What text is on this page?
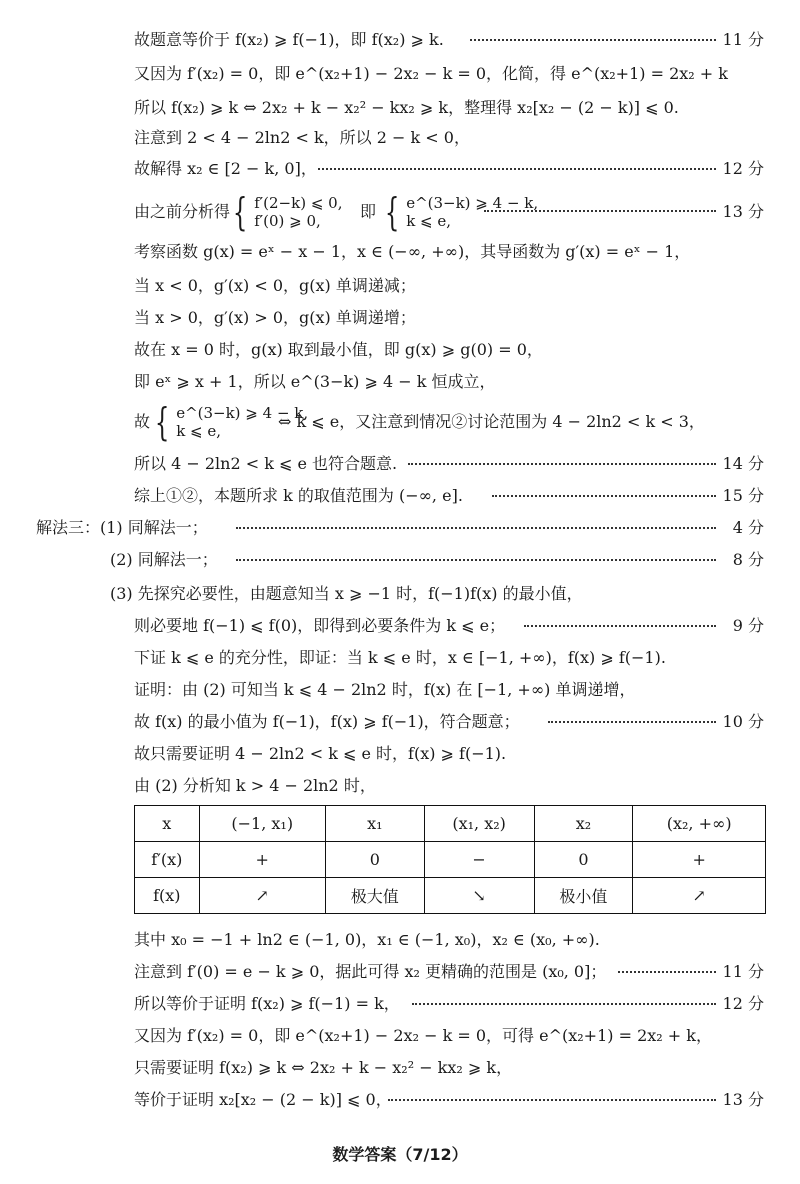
故题意等价于 f(x₂) ⩾ f(−1)，即 f(x₂) ⩾ k.	11 分
又因为 f′(x₂) = 0，即 e^(x₂+1) − 2x₂ − k = 0，化简，得 e^(x₂+1) = 2x₂ + k
所以 f(x₂) ⩾ k ⇔ 2x₂ + k − x₂² − kx₂ ⩾ k，整理得 x₂[x₂ − (2 − k)] ⩽ 0.
注意到 2 < 4 − 2ln2 < k，所以 2 − k < 0，
故解得 x₂ ∈ [2 − k, 0]，	12 分
由之前分析得 { f′(2−k) ⩽ 0,
f′(0) ⩾ 0,	即 { e^(3−k) ⩾ 4 − k,
k ⩽ e,	13 分
考察函数 g(x) = eˣ − x − 1，x ∈ (−∞, +∞)，其导函数为 g′(x) = eˣ − 1，
当 x < 0，g′(x) < 0，g(x) 单调递减；
当 x > 0，g′(x) > 0，g(x) 单调递增；
故在 x = 0 时，g(x) 取到最小值，即 g(x) ⩾ g(0) = 0，
即 eˣ ⩾ x + 1，所以 e^(3−k) ⩾ 4 − k 恒成立，
故 { e^(3−k) ⩾ 4 − k,
k ⩽ e,	⇔ k ⩽ e，又注意到情况②讨论范围为 4 − 2ln2 < k < 3，
所以 4 − 2ln2 < k ⩽ e 也符合题意.	14 分
综上①②，本题所求 k 的取值范围为 (−∞, e].	15 分
解法三：(1) 同解法一；	4 分
(2) 同解法一；	8 分
(3) 先探究必要性，由题意知当 x ⩾ −1 时，f(−1)f(x) 的最小值，
则必要地 f(−1) ⩽ f(0)，即得到必要条件为 k ⩽ e；	9 分
下证 k ⩽ e 的充分性，即证：当 k ⩽ e 时，x ∈ [−1, +∞)，f(x) ⩾ f(−1).
证明：由 (2) 可知当 k ⩽ 4 − 2ln2 时，f(x) 在 [−1, +∞) 单调递增，
故 f(x) 的最小值为 f(−1)，f(x) ⩾ f(−1)，符合题意；	10 分
故只需要证明 4 − 2ln2 < k ⩽ e 时，f(x) ⩾ f(−1).
由 (2) 分析知 k > 4 − 2ln2 时，
x	(−1, x₁)	x₁	(x₁, x₂)	x₂	(x₂, +∞)
f′(x)	+	0	−	0	+
f(x)	↗	极大值	↘	极小值	↗
其中 x₀ = −1 + ln2 ∈ (−1, 0)，x₁ ∈ (−1, x₀)，x₂ ∈ (x₀, +∞).
注意到 f′(0) = e − k ⩾ 0，据此可得 x₂ 更精确的范围是 (x₀, 0]；	11 分
所以等价于证明 f(x₂) ⩾ f(−1) = k，	12 分
又因为 f′(x₂) = 0，即 e^(x₂+1) − 2x₂ − k = 0，可得 e^(x₂+1) = 2x₂ + k，
只需要证明 f(x₂) ⩾ k ⇔ 2x₂ + k − x₂² − kx₂ ⩾ k，
等价于证明 x₂[x₂ − (2 − k)] ⩽ 0，	13 分
数学答案（7/12）
